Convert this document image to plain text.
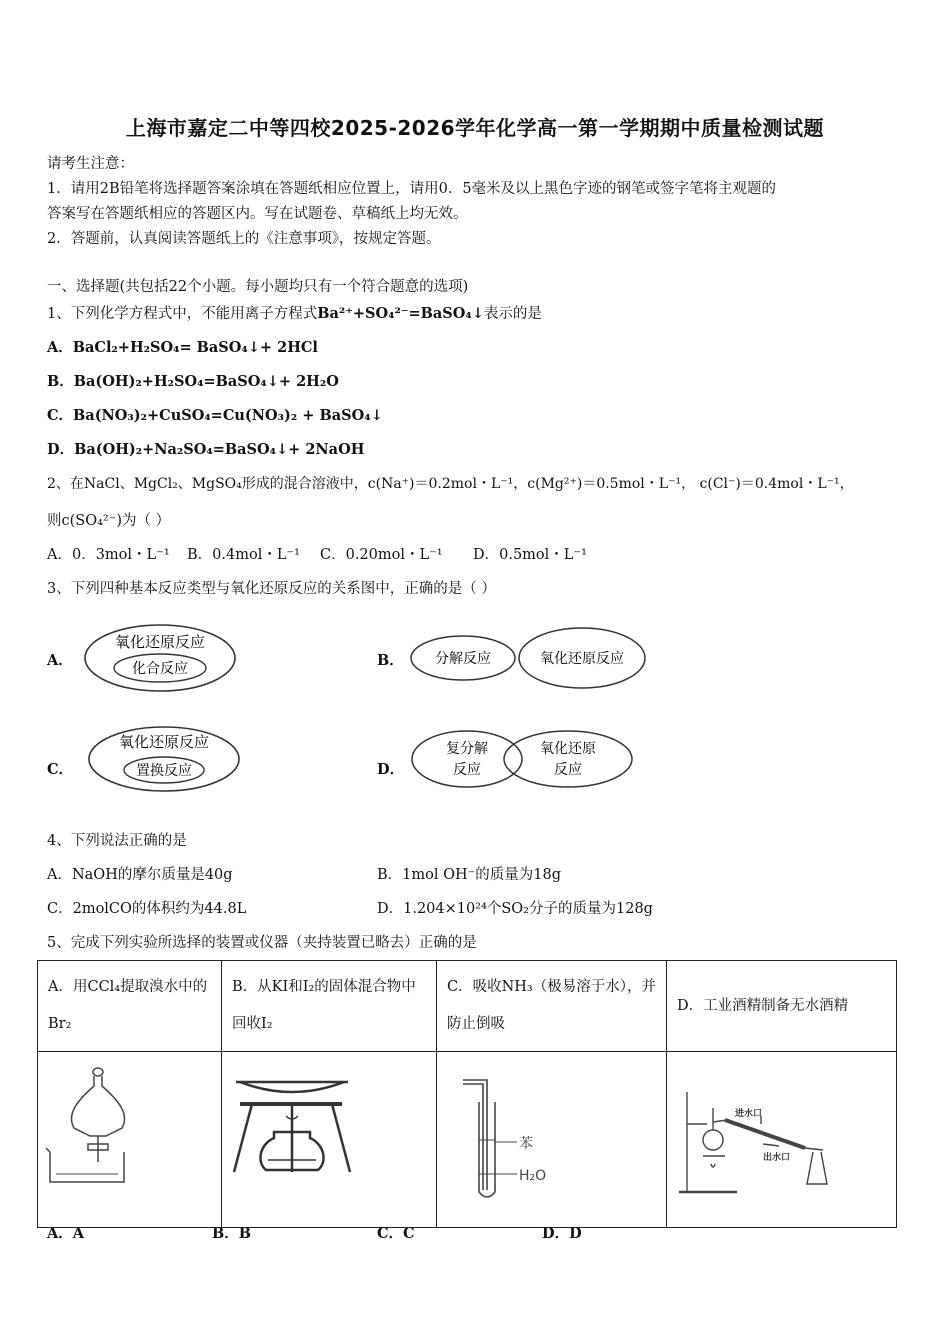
上海市嘉定二中等四校2025-2026学年化学高一第一学期期中质量检测试题
请考生注意：
1．请用2B铅笔将选择题答案涂填在答题纸相应位置上，请用0．5毫米及以上黑色字迹的钢笔或签字笔将主观题的
答案写在答题纸相应的答题区内。写在试题卷、草稿纸上均无效。
2．答题前，认真阅读答题纸上的《注意事项》，按规定答题。
一、选择题(共包括22个小题。每小题均只有一个符合题意的选项)
1、下列化学方程式中，不能用离子方程式Ba²⁺+SO₄²⁻=BaSO₄↓表示的是
A．BaCl₂+H₂SO₄= BaSO₄↓+ 2HCl
B．Ba(OH)₂+H₂SO₄=BaSO₄↓+ 2H₂O
C．Ba(NO₃)₂+CuSO₄=Cu(NO₃)₂ + BaSO₄↓
D．Ba(OH)₂+Na₂SO₄=BaSO₄↓+ 2NaOH
2、在NaCl、MgCl₂、MgSO₄形成的混合溶液中，c(Na⁺)＝0.2mol・L⁻¹，c(Mg²⁺)＝0.5mol・L⁻¹， c(Cl⁻)＝0.4mol・L⁻¹，
则c(SO₄²⁻)为（ ）
A．0．3mol・L⁻¹ B．0.4mol・L⁻¹ C．0.20mol・L⁻¹ D．0.5mol・L⁻¹
3、下列四种基本反应类型与氧化还原反应的关系图中，正确的是（ ）
A．
氧化还原反应
化合反应	B． 分解反应	氧化还原反应
C．
氧化还原反应
置换反应	D．
复分解
反应
氧化还原
反应
4、下列说法正确的是
A．NaOH的摩尔质量是40g	B．1mol OH⁻的质量为18g
C．2molCO的体积约为44.8L	D．1.204×10²⁴个SO₂分子的质量为128g
5、完成下列实验所选择的装置或仪器（夹持装置已略去）正确的是
A．用CCl₄提取溴水中的Br₂	B．从KI和I₂的固体混合物中回收I₂	C．吸收NH₃（极易溶于水），并防止倒吸	D．工业酒精制备无水酒精

苯
H₂O	进水口
出水口
A．A	B．B	C．C	D．D
